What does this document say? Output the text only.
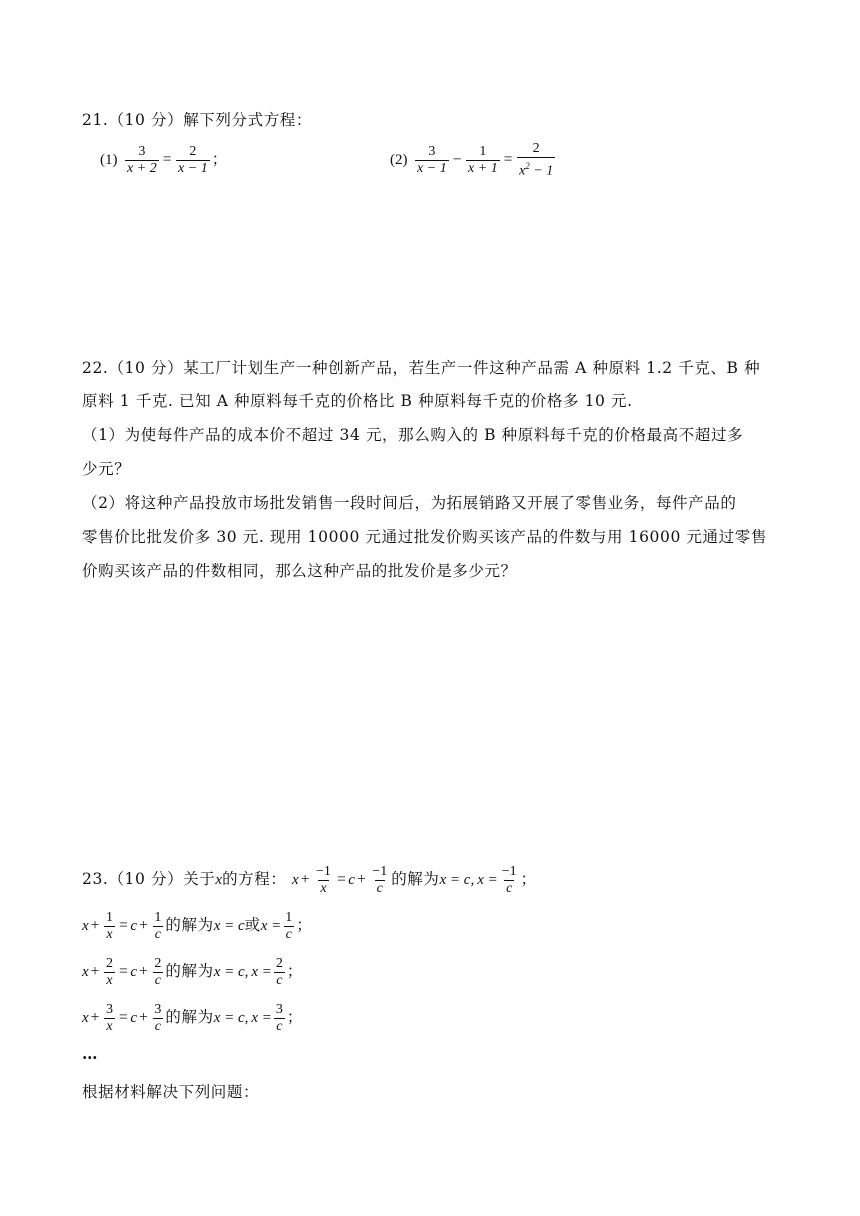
21.（10 分）解下列分式方程：
$(1) \frac{3}{x + 2} = \frac{2}{x - 1}$ ；	$(2) \frac{3}{x - 1} - \frac{1}{x + 1} = \frac{2}{x^2 - 1}$
22.（10 分）某工厂计划生产一种创新产品，若生产一件这种产品需 A 种原料 1.2 千克、B 种
原料 1 千克. 已知 A 种原料每千克的价格比 B 种原料每千克的价格多 10 元.
（1）为使每件产品的成本价不超过 34 元，那么购入的 B 种原料每千克的价格最高不超过多
少元？
（2）将这种产品投放市场批发销售一段时间后，为拓展销路又开展了零售业务，每件产品的
零售价比批发价多 30 元. 现用 10000 元通过批发价购买该产品的件数与用 16000 元通过零售
价购买该产品的件数相同，那么这种产品的批发价是多少元？
23.（10 分）关于x的方程： $x + \frac{-1}{x} = c + \frac{-1}{c}$ 的解为x = c, $x = \frac{-1}{c}$ ；
$x + \frac{1}{x} = c + \frac{1}{c}$ 的解为x = c或$x = \frac{1}{c}$ ；
$x + \frac{2}{x} = c + \frac{2}{c}$ 的解为x = c, $x = \frac{2}{c}$ ；
$x + \frac{3}{x} = c + \frac{3}{c}$ 的解为x = c, $x = \frac{3}{c}$ ；
…
根据材料解决下列问题：
